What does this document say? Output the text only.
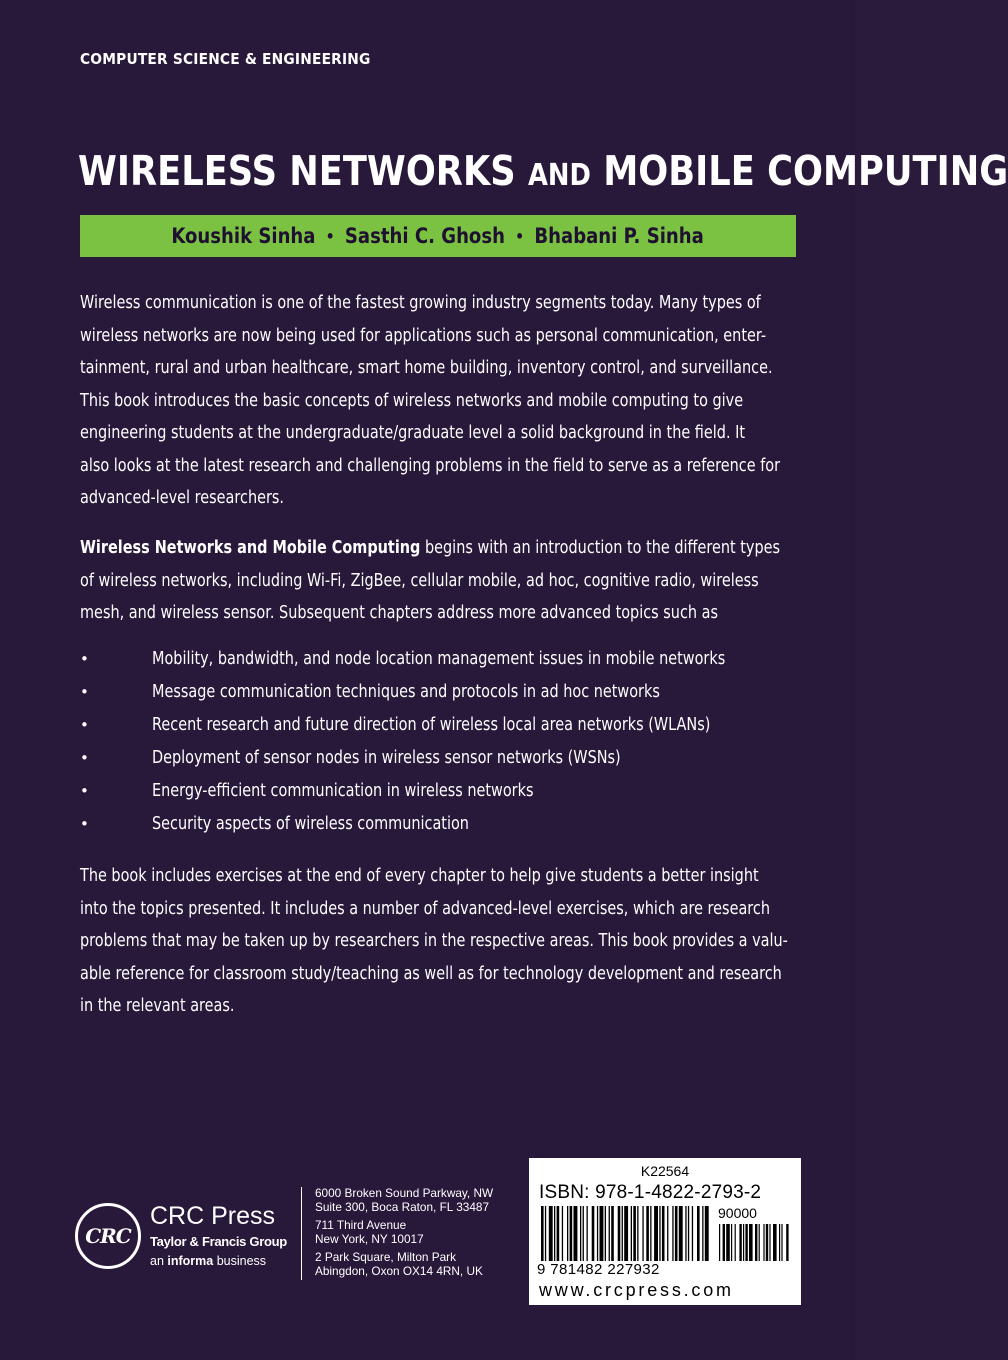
COMPUTER SCIENCE & ENGINEERING
WIRELESS NETWORKS AND MOBILE COMPUTING
Koushik Sinha • Sasthi C. Ghosh • Bhabani P. Sinha
Wireless communication is one of the fastest growing industry segments today. Many types of
wireless networks are now being used for applications such as personal communication, enter-
tainment, rural and urban healthcare, smart home building, inventory control, and surveillance.
This book introduces the basic concepts of wireless networks and mobile computing to give
engineering students at the undergraduate/graduate level a solid background in the field. It
also looks at the latest research and challenging problems in the field to serve as a reference for
advanced-level researchers.
Wireless Networks and Mobile Computing begins with an introduction to the different types
of wireless networks, including Wi-Fi, ZigBee, cellular mobile, ad hoc, cognitive radio, wireless
mesh, and wireless sensor. Subsequent chapters address more advanced topics such as
•	Mobility, bandwidth, and node location management issues in mobile networks
•	Message communication techniques and protocols in ad hoc networks
•	Recent research and future direction of wireless local area networks (WLANs)
•	Deployment of sensor nodes in wireless sensor networks (WSNs)
•	Energy-efficient communication in wireless networks
•	Security aspects of wireless communication
The book includes exercises at the end of every chapter to help give students a better insight
into the topics presented. It includes a number of advanced-level exercises, which are research
problems that may be taken up by researchers in the respective areas. This book provides a valu-
able reference for classroom study/teaching as well as for technology development and research
in the relevant areas.
CRC
CRC Press
Taylor & Francis Group
an informa business
6000 Broken Sound Parkway, NW
Suite 300, Boca Raton, FL 33487
711 Third Avenue
New York, NY 10017
2 Park Square, Milton Park
Abingdon, Oxon OX14 4RN, UK
K22564
ISBN: 978-1-4822-2793-2
90000
9 781482 227932
www.crcpress.com
